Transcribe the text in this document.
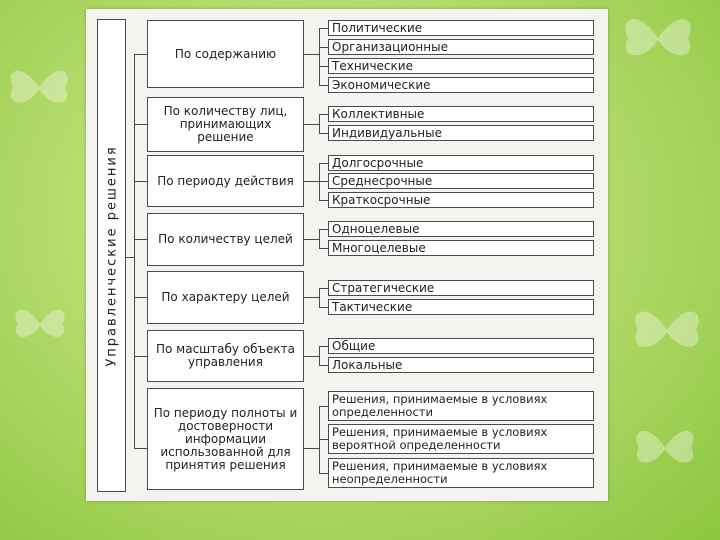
Управленческие решения
По содержанию
По количеству лиц, принимающих решение
По периоду действия
По количеству целей
По характеру целей
По масштабу объекта управления
По периоду полноты и достоверности информации использованной для принятия решения
Политические
Организационные
Технические
Экономические
Коллективные
Индивидуальные
Долгосрочные
Среднесрочные
Краткосрочные
Одноцелевые
Многоцелевые
Стратегические
Тактические
Общие
Локальные
Решения, принимаемые в условиях
определенности
Решения, принимаемые в условиях
вероятной определенности
Решения, принимаемые в условиях
неопределенности
